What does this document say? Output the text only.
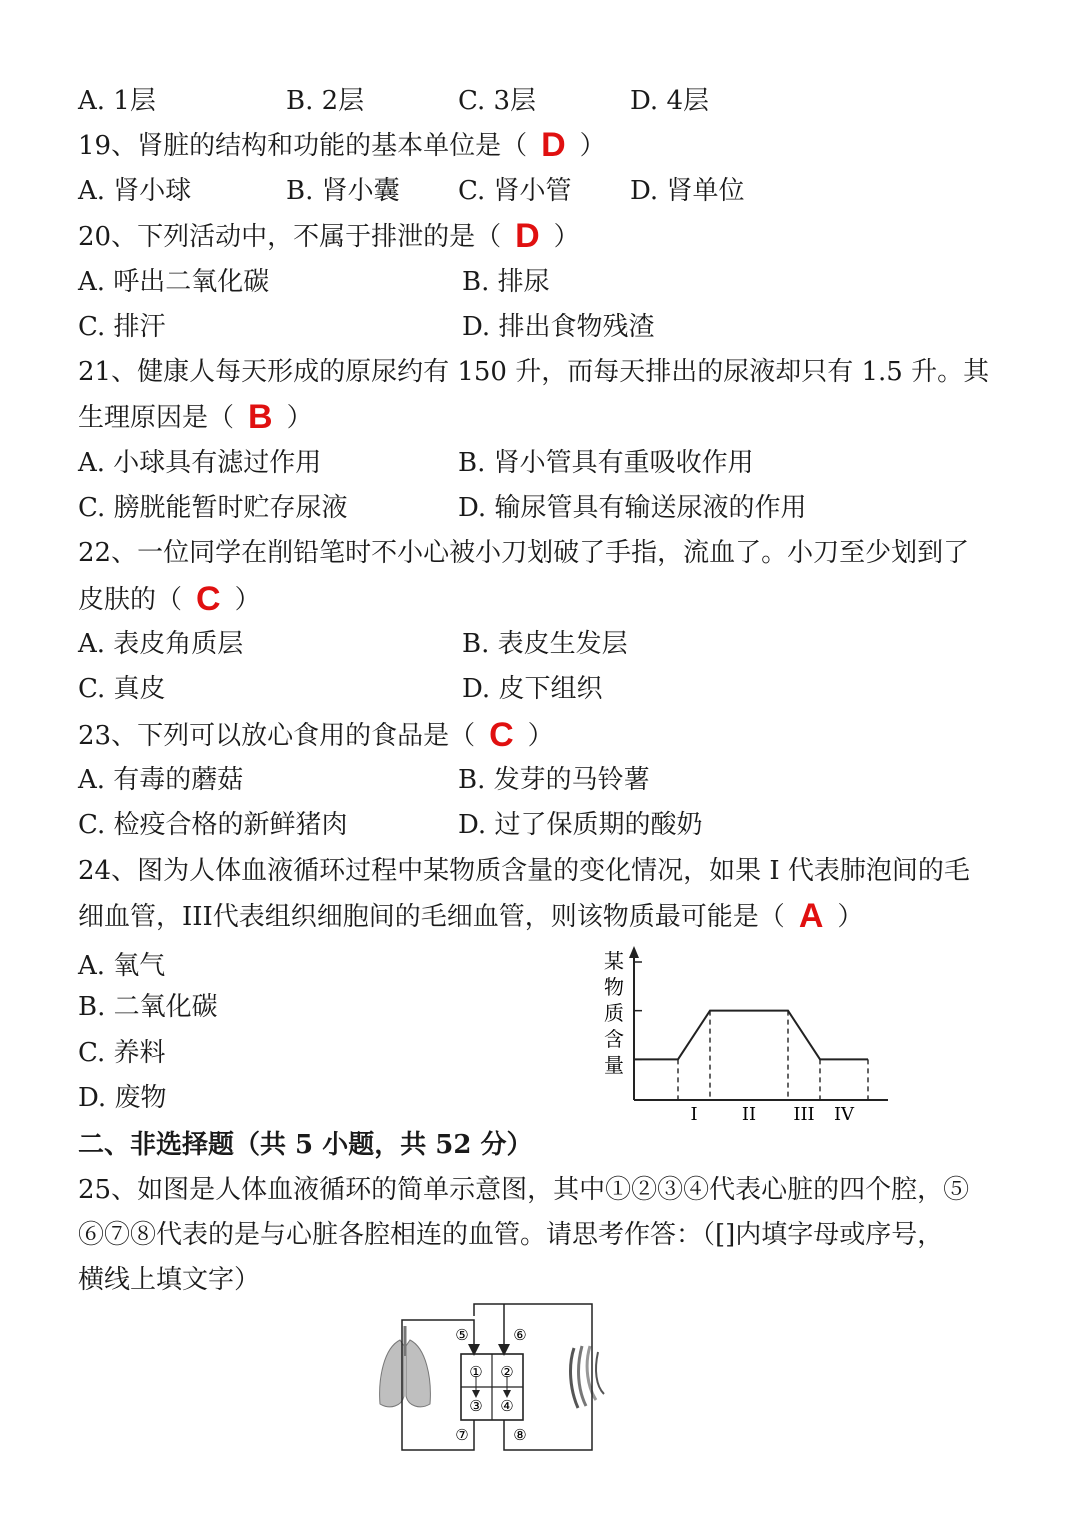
A. 1层	B. 2层	C. 3层	D. 4层
19、肾脏的结构和功能的基本单位是（ D ）
A. 肾小球	B. 肾小囊 C. 肾小管 D. 肾单位
20、下列活动中，不属于排泄的是（ D ）
A. 呼出二氧化碳	B. 排尿
C. 排汗	D. 排出食物残渣
21、健康人每天形成的原尿约有 150 升，而每天排出的尿液却只有 1.5 升。其
生理原因是（ B ）
A. 小球具有滤过作用	B. 肾小管具有重吸收作用
C. 膀胱能暂时贮存尿液	D. 输尿管具有输送尿液的作用
22、一位同学在削铅笔时不小心被小刀划破了手指，流血了。小刀至少划到了
皮肤的（ C ）
A. 表皮角质层	B. 表皮生发层
C. 真皮	D. 皮下组织
23、下列可以放心食用的食品是（ C ）
A. 有毒的蘑菇	B. 发芽的马铃薯
C. 检疫合格的新鲜猪肉	D. 过了保质期的酸奶
24、图为人体血液循环过程中某物质含量的变化情况，如果 I 代表肺泡间的毛
细血管，III代表组织细胞间的毛细血管，则该物质最可能是（ A ）
A. 氧气
B. 二氧化碳
C. 养料
D. 废物
某
物
质
含
量
I II III IV
二、非选择题（共 5 小题，共 52 分）
25、如图是人体血液循环的简单示意图，其中①②③④代表心脏的四个腔，⑤
⑥⑦⑧代表的是与心脏各腔相连的血管。请思考作答：（[]内填字母或序号，
横线上填文字）
① ②
③ ④
⑤	⑥
⑦	⑧
